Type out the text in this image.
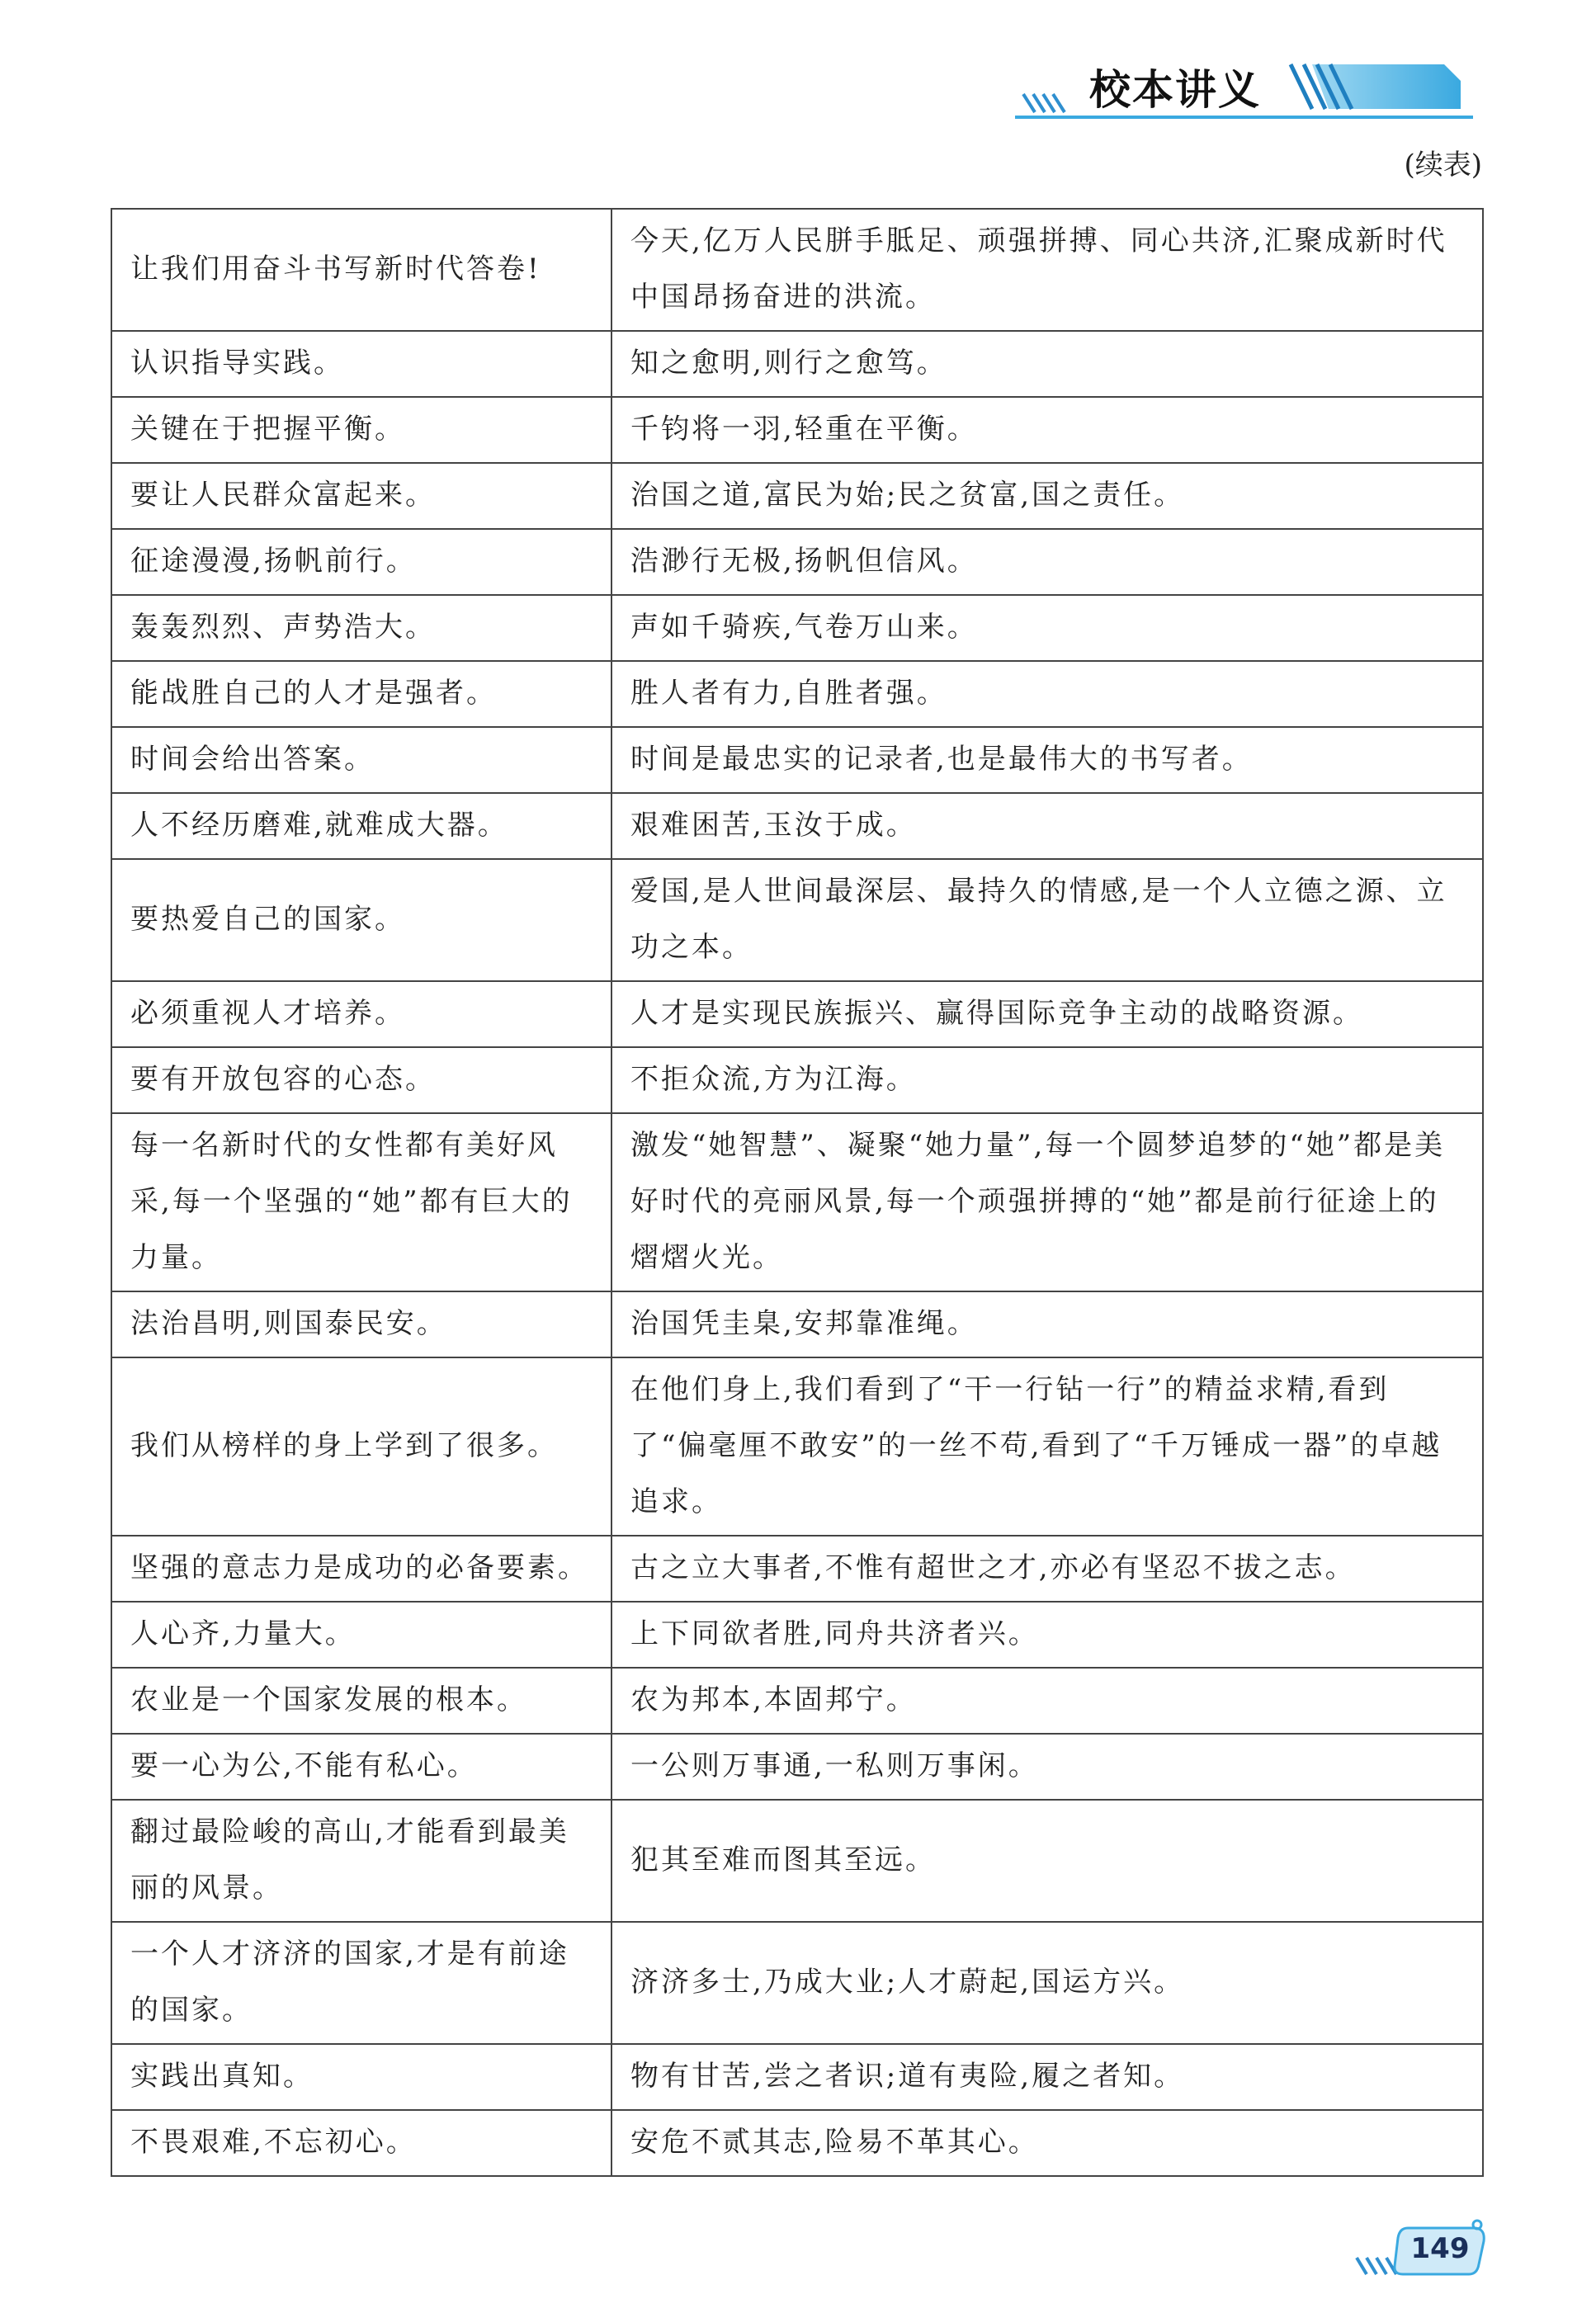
校本讲义
(续表)
让我们用奋斗书写新时代答卷!	今天,亿万人民胼手胝足、顽强拼搏、同心共济,汇聚成新时代中国昂扬奋进的洪流。
认识指导实践。	知之愈明,则行之愈笃。
关键在于把握平衡。	千钧将一羽,轻重在平衡。
要让人民群众富起来。	治国之道,富民为始;民之贫富,国之责任。
征途漫漫,扬帆前行。	浩渺行无极,扬帆但信风。
轰轰烈烈、声势浩大。	声如千骑疾,气卷万山来。
能战胜自己的人才是强者。	胜人者有力,自胜者强。
时间会给出答案。	时间是最忠实的记录者,也是最伟大的书写者。
人不经历磨难,就难成大器。	艰难困苦,玉汝于成。
要热爱自己的国家。	爱国,是人世间最深层、最持久的情感,是一个人立德之源、立功之本。
必须重视人才培养。	人才是实现民族振兴、赢得国际竞争主动的战略资源。
要有开放包容的心态。	不拒众流,方为江海。
每一名新时代的女性都有美好风采,每一个坚强的“她”都有巨大的力量。	激发“她智慧”、凝聚“她力量”,每一个圆梦追梦的“她”都是美好时代的亮丽风景,每一个顽强拼搏的“她”都是前行征途上的熠熠火光。
法治昌明,则国泰民安。	治国凭圭臬,安邦靠准绳。
我们从榜样的身上学到了很多。	在他们身上,我们看到了“干一行钻一行”的精益求精,看到了“偏毫厘不敢安”的一丝不苟,看到了“千万锤成一器”的卓越追求。
坚强的意志力是成功的必备要素。	古之立大事者,不惟有超世之才,亦必有坚忍不拔之志。
人心齐,力量大。	上下同欲者胜,同舟共济者兴。
农业是一个国家发展的根本。	农为邦本,本固邦宁。
要一心为公,不能有私心。	一公则万事通,一私则万事闲。
翻过最险峻的高山,才能看到最美丽的风景。	犯其至难而图其至远。
一个人才济济的国家,才是有前途的国家。	济济多士,乃成大业;人才蔚起,国运方兴。
实践出真知。	物有甘苦,尝之者识;道有夷险,履之者知。
不畏艰难,不忘初心。	安危不贰其志,险易不革其心。
149
